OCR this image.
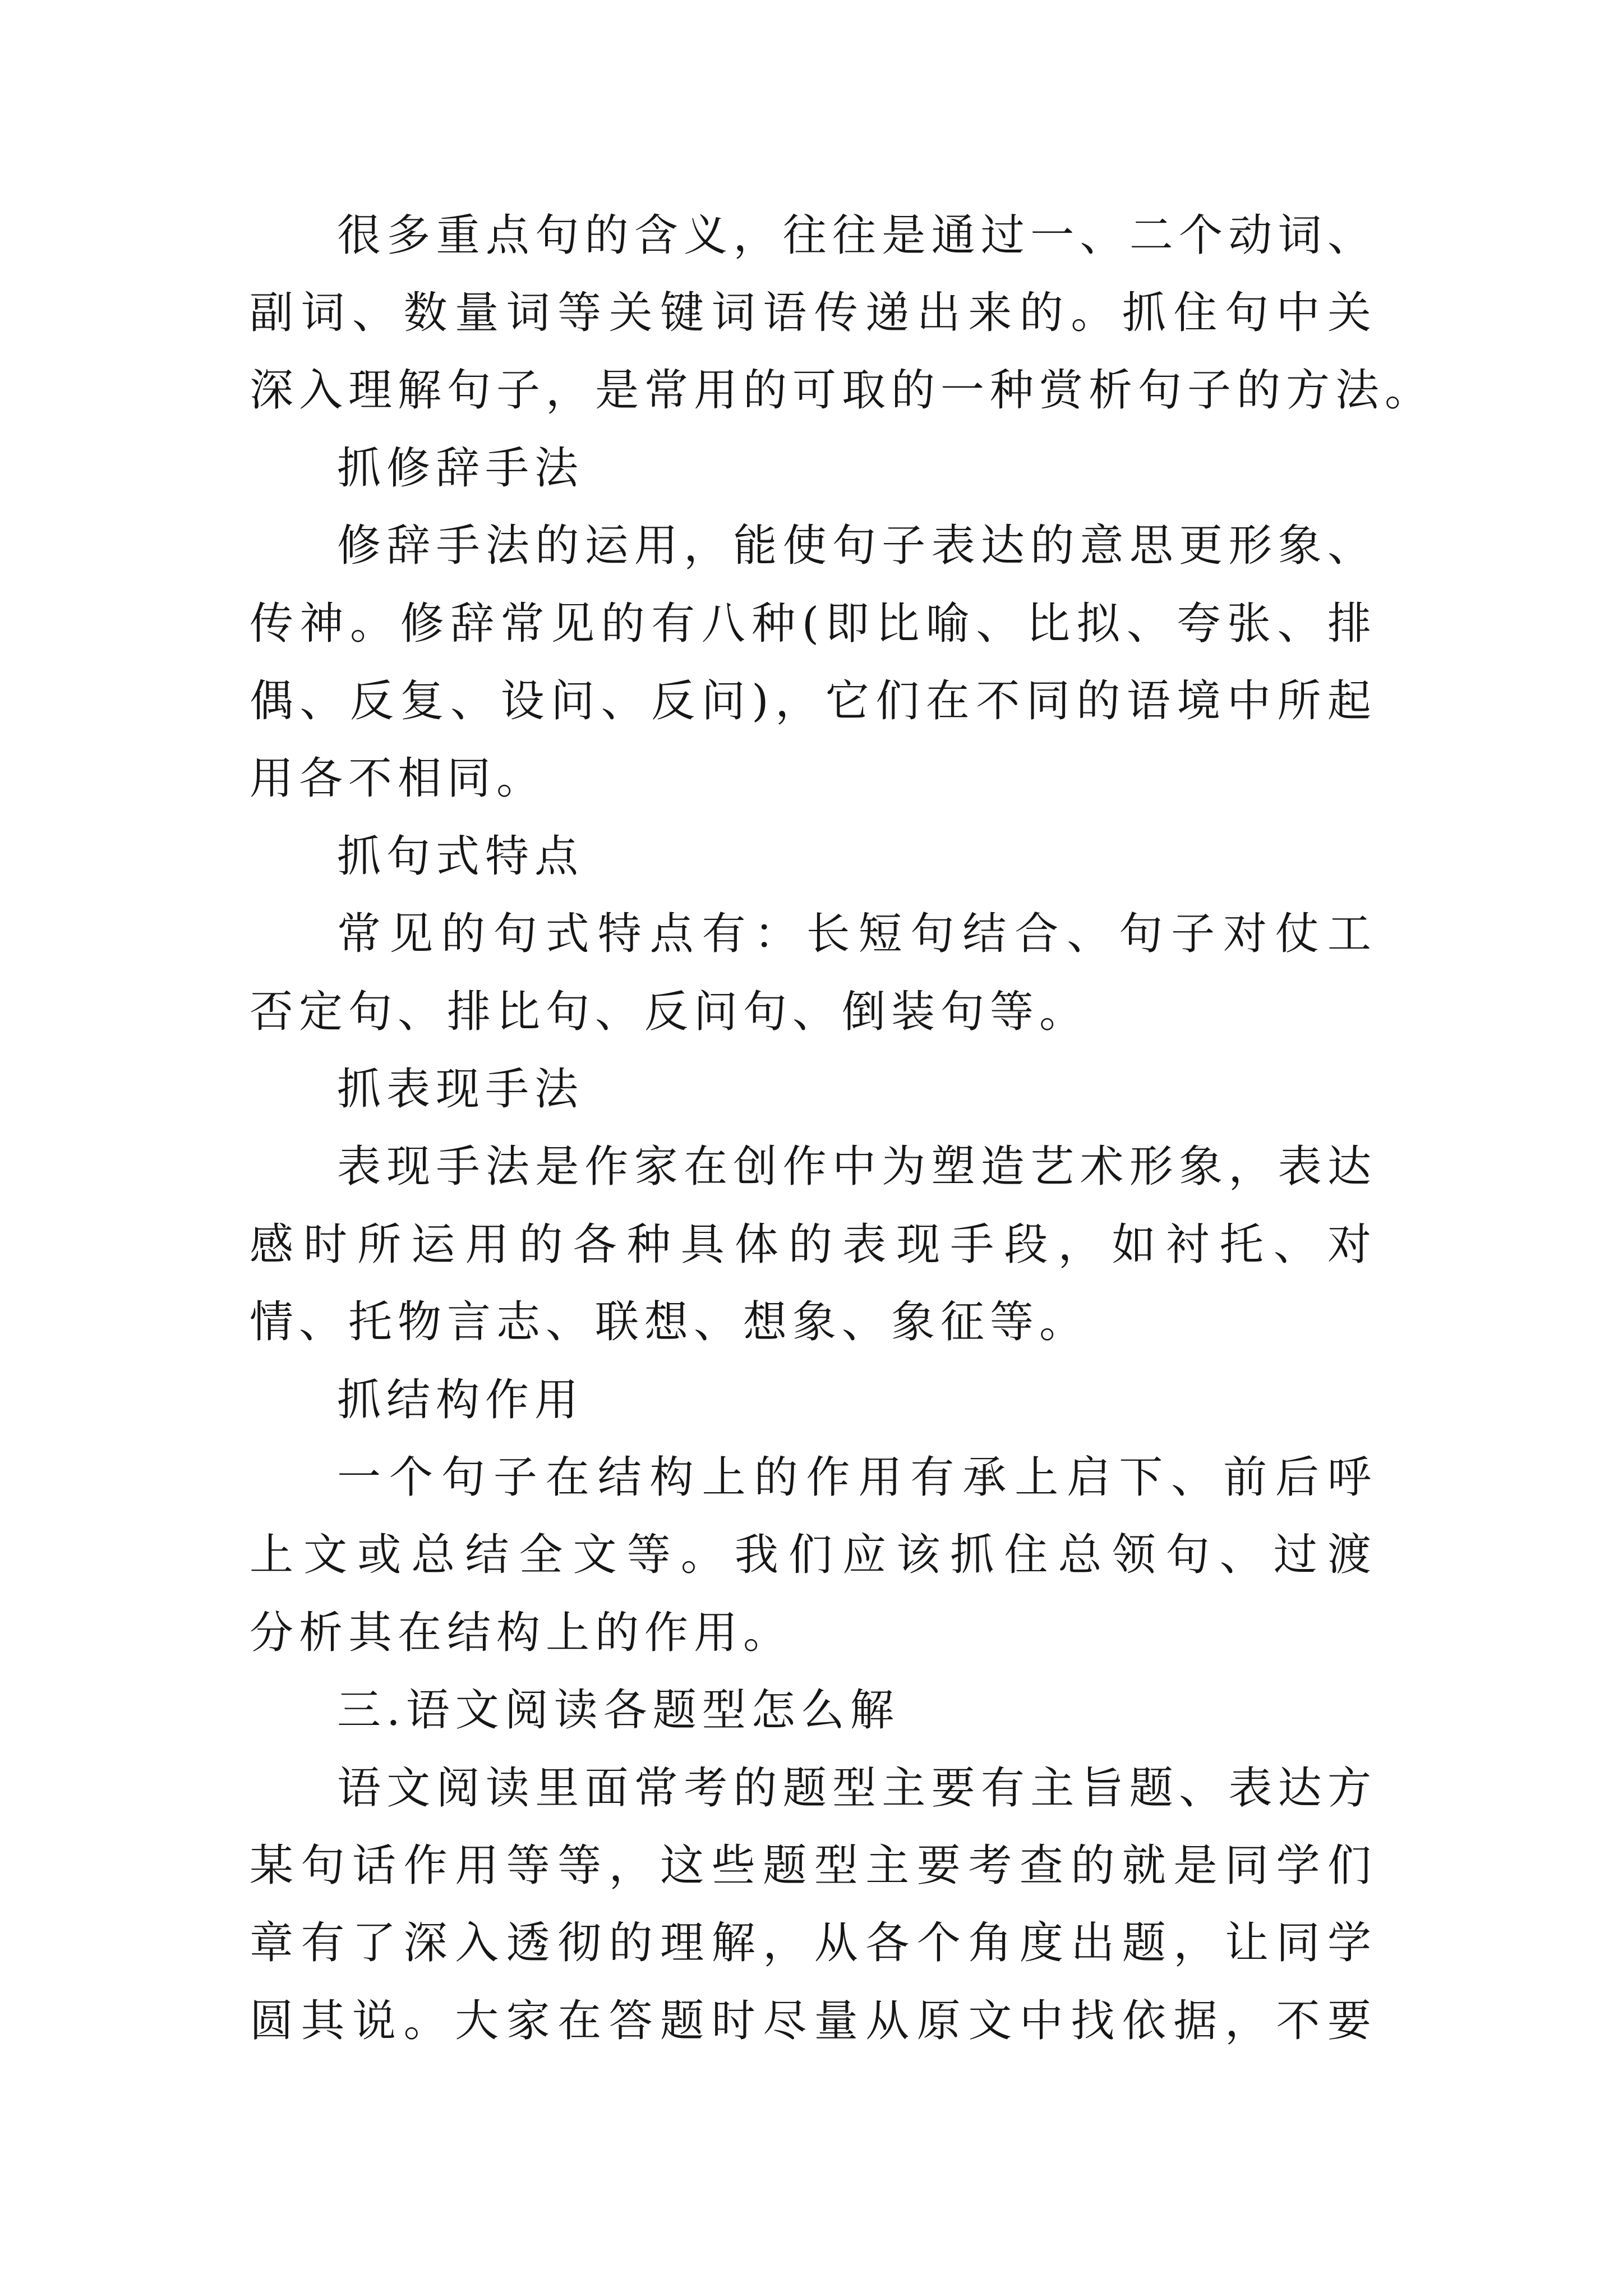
很多重点句的含义，往往是通过一、二个动词、

副词、数量词等关键词语传递出来的。抓住句中关

深入理解句子，是常用的可取的一种赏析句子的方法。

抓修辞手法

修辞手法的运用，能使句子表达的意思更形象、

传神。修辞常见的有八种(即比喻、比拟、夸张、排

偶、反复、设问、反问)，它们在不同的语境中所起

用各不相同。

抓句式特点

常见的句式特点有：长短句结合、句子对仗工

否定句、排比句、反问句、倒装句等。

抓表现手法

表现手法是作家在创作中为塑造艺术形象，表达

感时所运用的各种具体的表现手段，如衬托、对

情、托物言志、联想、想象、象征等。

抓结构作用

一个句子在结构上的作用有承上启下、前后呼

上文或总结全文等。我们应该抓住总领句、过渡

分析其在结构上的作用。

三.语文阅读各题型怎么解

语文阅读里面常考的题型主要有主旨题、表达方

某句话作用等等，这些题型主要考查的就是同学们

章有了深入透彻的理解，从各个角度出题，让同学

圆其说。大家在答题时尽量从原文中找依据，不要
